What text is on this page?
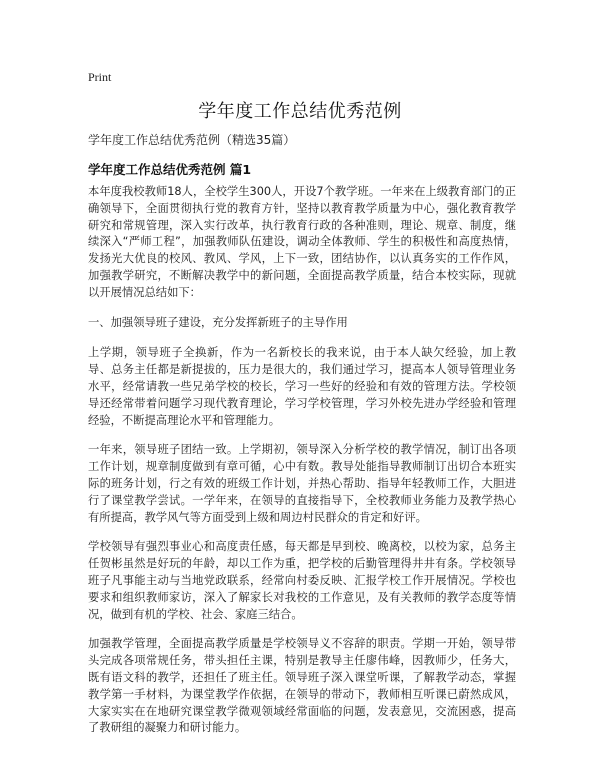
Print
学年度工作总结优秀范例

学年度工作总结优秀范例（精选35篇）

学年度工作总结优秀范例 篇1

本年度我校教师18人，全校学生300人，开设7个教学班。一年来在上级教育部门的正确领导下，全面贯彻执行党的教育方针，坚持以教育教学质量为中心，强化教育教学研究和常规管理，深入实行改革，执行教育行政的各种准则，理论、规章、制度，继续深入“严师工程”，加强教师队伍建设，调动全体教师、学生的积极性和高度热情，发扬光大优良的校风、教风、学风，上下一致，团结协作，以认真务实的工作作风，加强教学研究，不断解决教学中的新问题，全面提高教学质量，结合本校实际，现就以开展情况总结如下：

一、加强领导班子建设，充分发挥新班子的主导作用

上学期，领导班子全换新，作为一名新校长的我来说，由于本人缺欠经验，加上教导、总务主任都是新提拔的，压力是很大的，我们通过学习，提高本人领导管理业务水平，经常请教一些兄弟学校的校长，学习一些好的经验和有效的管理方法。学校领导还经常带着问题学习现代教育理论，学习学校管理，学习外校先进办学经验和管理经验，不断提高理论水平和管理能力。

一年来，领导班子团结一致。上学期初，领导深入分析学校的教学情况，制订出各项工作计划，规章制度做到有章可循，心中有数。教导处能指导教师制订出切合本班实际的班务计划，行之有效的班级工作计划，并热心帮助、指导年轻教师工作，大胆进行了课堂教学尝试。一学年来，在领导的直接指导下，全校教师业务能力及教学热心有所提高，教学风气等方面受到上级和周边村民群众的肯定和好评。

学校领导有强烈事业心和高度责任感，每天都是早到校、晚离校，以校为家，总务主任贺彬虽然是好玩的年龄，却以工作为重，把学校的后勤管理得井井有条。学校领导班子凡事能主动与当地党政联系，经常向村委反映、汇报学校工作开展情况。学校也要求和组织教师家访，深入了解家长对我校的工作意见，及有关教师的教学态度等情况，做到有机的学校、社会、家庭三结合。

加强教学管理，全面提高教学质量是学校领导义不容辞的职责。学期一开始，领导带头完成各项常规任务，带头担任主课，特别是教导主任廖伟峰，因教师少，任务大，既有语文科的教学，还担任了班主任。领导班子深入课堂听课，了解教学动态，掌握教学第一手材料，为课堂教学作依据，在领导的带动下，教师相互听课已蔚然成风，大家实实在在地研究课堂教学微观领域经常面临的问题，发表意见，交流困惑，提高了教研组的凝聚力和研讨能力。
